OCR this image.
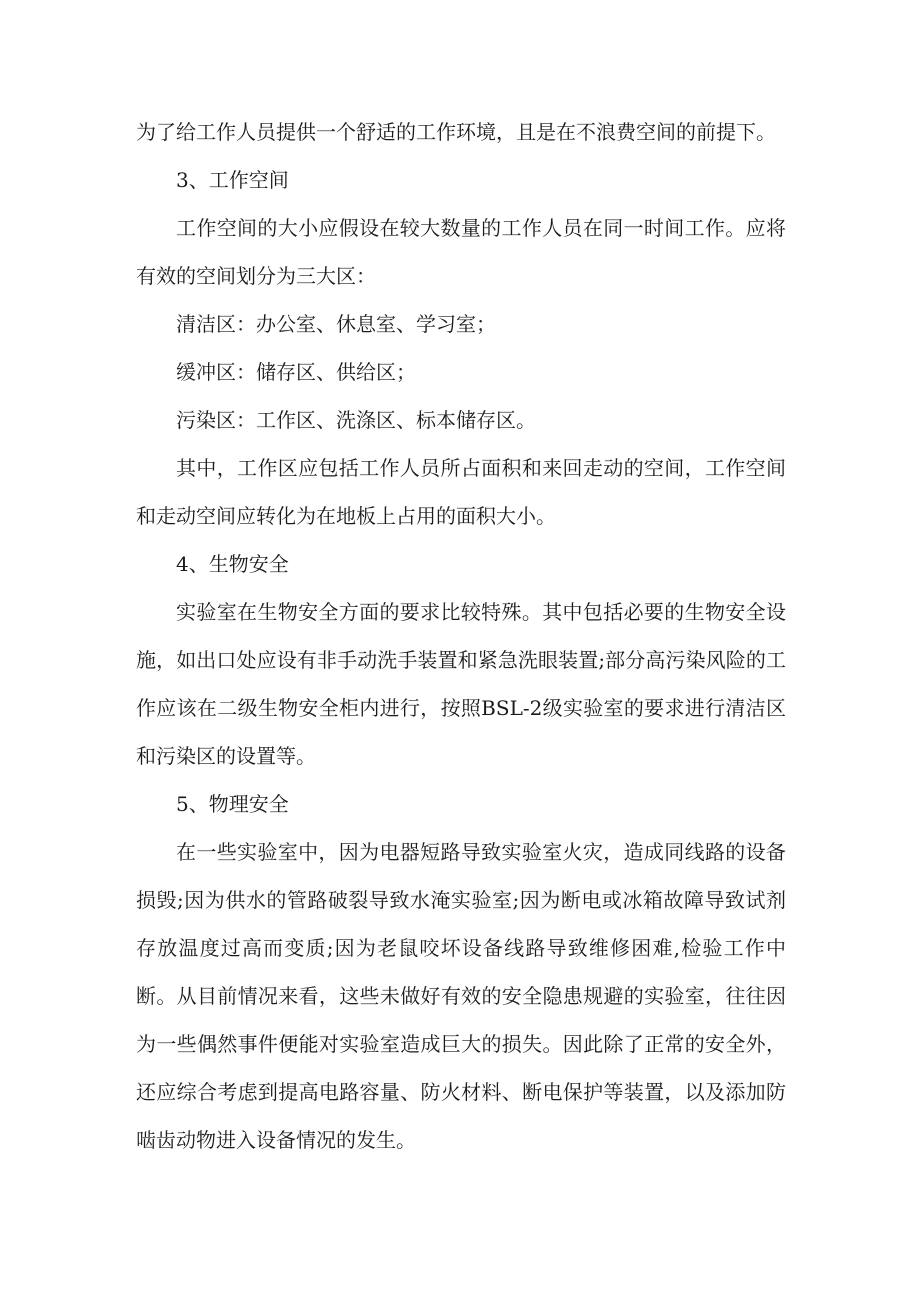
为了给工作人员提供一个舒适的工作环境，且是在不浪费空间的前提下。

3、工作空间

工作空间的大小应假设在较大数量的工作人员在同一时间工作。应将有效的空间划分为三大区：

清洁区：办公室、休息室、学习室；

缓冲区：储存区、供给区；

污染区：工作区、洗涤区、标本储存区。

其中，工作区应包括工作人员所占面积和来回走动的空间，工作空间和走动空间应转化为在地板上占用的面积大小。

4、生物安全

实验室在生物安全方面的要求比较特殊。其中包括必要的生物安全设施，如出口处应设有非手动洗手装置和紧急洗眼装置;部分高污染风险的工作应该在二级生物安全柜内进行，按照BSL-2级实验室的要求进行清洁区和污染区的设置等。

5、物理安全

在一些实验室中，因为电器短路导致实验室火灾，造成同线路的设备损毁;因为供水的管路破裂导致水淹实验室;因为断电或冰箱故障导致试剂存放温度过高而变质;因为老鼠咬坏设备线路导致维修困难,检验工作中断。从目前情况来看，这些未做好有效的安全隐患规避的实验室，往往因为一些偶然事件便能对实验室造成巨大的损失。因此除了正常的安全外，还应综合考虑到提高电路容量、防火材料、断电保护等装置，以及添加防啮齿动物进入设备情况的发生。
